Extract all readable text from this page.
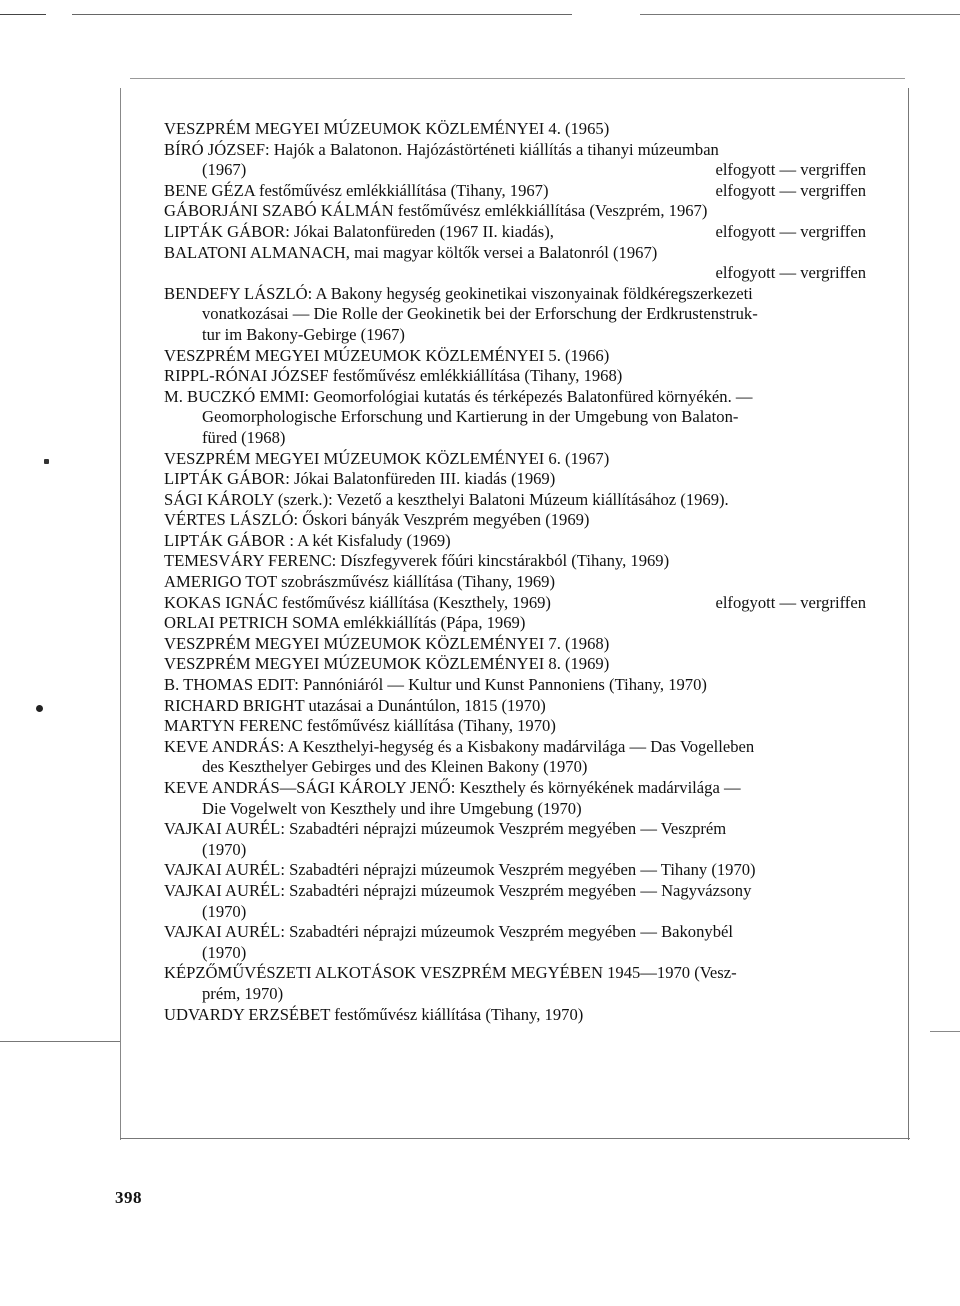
VESZPRÉM MEGYEI MÚZEUMOK KÖZLEMÉNYEI 4. (1965)
BÍRÓ JÓZSEF: Hajók a Balatonon. Hajózástörténeti kiállítás a tihanyi múzeumban
(1967)	elfogyott — vergriffen
BENE GÉZA festőművész emlékkiállítása (Tihany, 1967)	elfogyott — vergriffen
GÁBORJÁNI SZABÓ KÁLMÁN festőművész emlékkiállítása (Veszprém, 1967)
LIPTÁK GÁBOR: Jókai Balatonfüreden (1967 II. kiadás),	elfogyott — vergriffen
BALATONI ALMANACH, mai magyar költők versei a Balatonról (1967)
elfogyott — vergriffen
BENDEFY LÁSZLÓ: A Bakony hegység geokinetikai viszonyainak földkéregszerkezeti
vonatkozásai — Die Rolle der Geokinetik bei der Erforschung der Erdkrustenstruk-
tur im Bakony-Gebirge (1967)
VESZPRÉM MEGYEI MÚZEUMOK KÖZLEMÉNYEI 5. (1966)
RIPPL-RÓNAI JÓZSEF festőművész emlékkiállítása (Tihany, 1968)
M. BUCZKÓ EMMI: Geomorfológiai kutatás és térképezés Balatonfüred környékén. —
Geomorphologische Erforschung und Kartierung in der Umgebung von Balaton-
füred (1968)
VESZPRÉM MEGYEI MÚZEUMOK KÖZLEMÉNYEI 6. (1967)
LIPTÁK GÁBOR: Jókai Balatonfüreden III. kiadás (1969)
SÁGI KÁROLY (szerk.): Vezető a keszthelyi Balatoni Múzeum kiállításához (1969).
VÉRTES LÁSZLÓ: Őskori bányák Veszprém megyében (1969)
LIPTÁK GÁBOR : A két Kisfaludy (1969)
TEMESVÁRY FERENC: Díszfegyverek főúri kincstárakból (Tihany, 1969)
AMERIGO TOT szobrászművész kiállítása (Tihany, 1969)
KOKAS IGNÁC festőművész kiállítása (Keszthely, 1969)	elfogyott — vergriffen
ORLAI PETRICH SOMA emlékkiállítás (Pápa, 1969)
VESZPRÉM MEGYEI MÚZEUMOK KÖZLEMÉNYEI 7. (1968)
VESZPRÉM MEGYEI MÚZEUMOK KÖZLEMÉNYEI 8. (1969)
B. THOMAS EDIT: Pannóniáról — Kultur und Kunst Pannoniens (Tihany, 1970)
RICHARD BRIGHT utazásai a Dunántúlon, 1815 (1970)
MARTYN FERENC festőművész kiállítása (Tihany, 1970)
KEVE ANDRÁS: A Keszthelyi-hegység és a Kisbakony madárvilága — Das Vogelleben
des Keszthelyer Gebirges und des Kleinen Bakony (1970)
KEVE ANDRÁS—SÁGI KÁROLY JENŐ: Keszthely és környékének madárvilága —
Die Vogelwelt von Keszthely und ihre Umgebung (1970)
VAJKAI AURÉL: Szabadtéri néprajzi múzeumok Veszprém megyében — Veszprém
(1970)
VAJKAI AURÉL: Szabadtéri néprajzi múzeumok Veszprém megyében — Tihany (1970)
VAJKAI AURÉL: Szabadtéri néprajzi múzeumok Veszprém megyében — Nagyvázsony
(1970)
VAJKAI AURÉL: Szabadtéri néprajzi múzeumok Veszprém megyében — Bakonybél
(1970)
KÉPZŐMŰVÉSZETI ALKOTÁSOK VESZPRÉM MEGYÉBEN 1945—1970 (Vesz-
prém, 1970)
UDVARDY ERZSÉBET festőművész kiállítása (Tihany, 1970)
398
